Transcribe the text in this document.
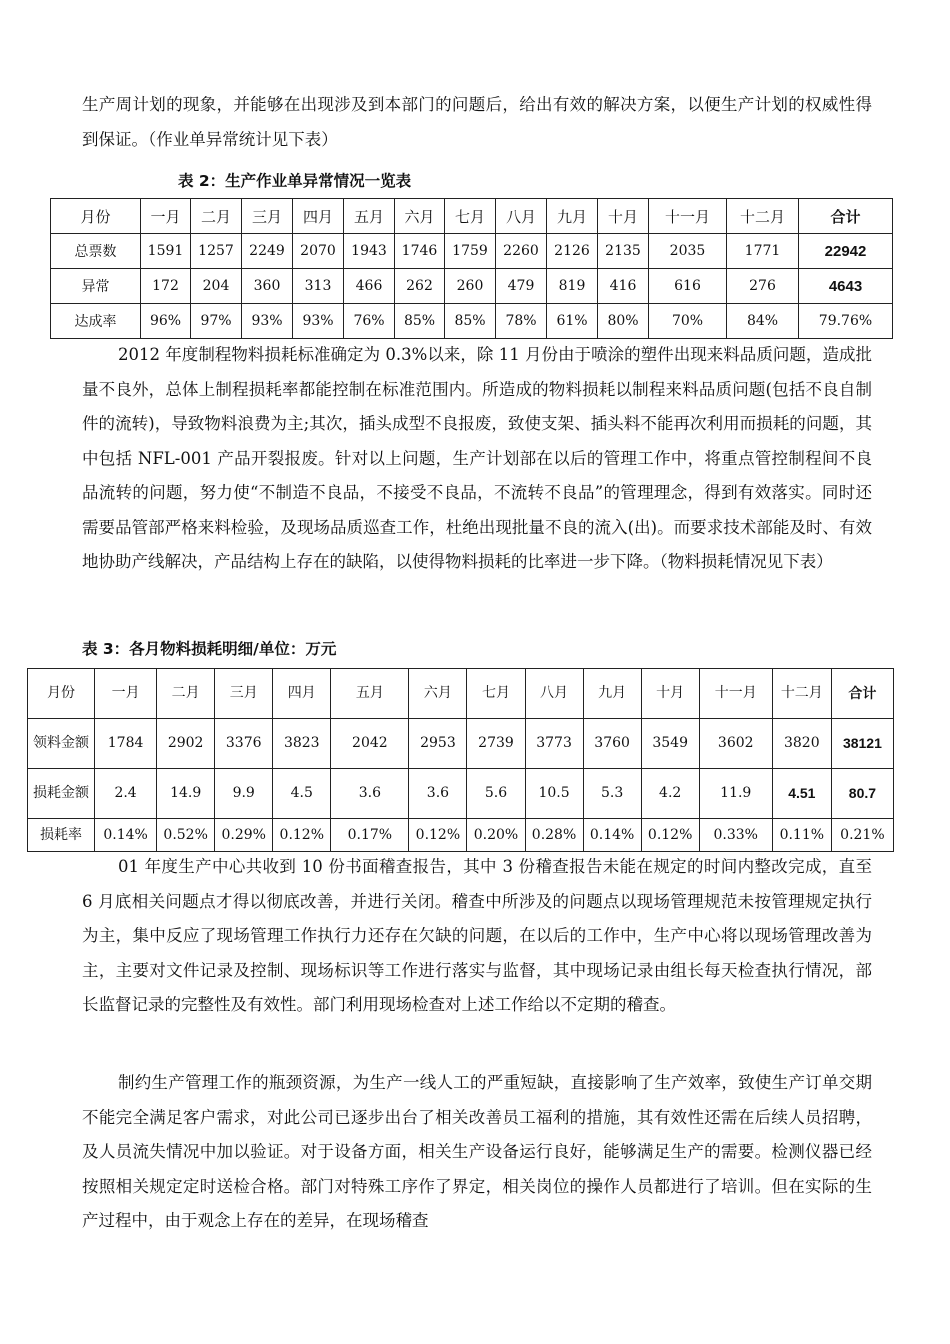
生产周计划的现象，并能够在出现涉及到本部门的问题后，给出有效的解决方案，以便生产计划的权威性得到保证。（作业单异常统计见下表）

表 2：生产作业单异常情况一览表
月份	一月	二月	三月	四月	五月	六月	七月	八月	九月	十月	十一月	十二月	合计
总票数	1591	1257	2249	2070	1943	1746	1759	2260	2126	2135	2035	1771	22942
异常	172	204	360	313	466	262	260	479	819	416	616	276	4643
达成率	96%	97%	93%	93%	76%	85%	85%	78%	61%	80%	70%	84%	79.76%

2012 年度制程物料损耗标准确定为 0.3%以来，除 11 月份由于喷涂的塑件出现来料品质问题，造成批量不良外，总体上制程损耗率都能控制在标准范围内。所造成的物料损耗以制程来料品质问题(包括不良自制件的流转)，导致物料浪费为主;其次，插头成型不良报废，致使支架、插头料不能再次利用而损耗的问题，其中包括 NFL-001 产品开裂报废。针对以上问题，生产计划部在以后的管理工作中，将重点管控制程间不良品流转的问题，努力使“不制造不良品，不接受不良品，不流转不良品”的管理理念，得到有效落实。同时还需要品管部严格来料检验，及现场品质巡查工作，杜绝出现批量不良的流入(出)。而要求技术部能及时、有效地协助产线解决，产品结构上存在的缺陷，以使得物料损耗的比率进一步下降。（物料损耗情况见下表）

表 3：各月物料损耗明细/单位：万元
月份	一月	二月	三月	四月	五月	六月	七月	八月	九月	十月	十一月	十二月	合计
领料金额	1784	2902	3376	3823	2042	2953	2739	3773	3760	3549	3602	3820	38121
损耗金额	2.4	14.9	9.9	4.5	3.6	3.6	5.6	10.5	5.3	4.2	11.9	4.51	80.7
损耗率	0.14%	0.52%	0.29%	0.12%	0.17%	0.12%	0.20%	0.28%	0.14%	0.12%	0.33%	0.11%	0.21%

01 年度生产中心共收到 10 份书面稽查报告，其中 3 份稽查报告未能在规定的时间内整改完成，直至 6 月底相关问题点才得以彻底改善，并进行关闭。稽查中所涉及的问题点以现场管理规范未按管理规定执行为主，集中反应了现场管理工作执行力还存在欠缺的问题，在以后的工作中，生产中心将以现场管理改善为主，主要对文件记录及控制、现场标识等工作进行落实与监督，其中现场记录由组长每天检查执行情况，部长监督记录的完整性及有效性。部门利用现场检查对上述工作给以不定期的稽查。

制约生产管理工作的瓶颈资源，为生产一线人工的严重短缺，直接影响了生产效率，致使生产订单交期不能完全满足客户需求，对此公司已逐步出台了相关改善员工福利的措施，其有效性还需在后续人员招聘，及人员流失情况中加以验证。对于设备方面，相关生产设备运行良好，能够满足生产的需要。检测仪器已经按照相关规定定时送检合格。部门对特殊工序作了界定，相关岗位的操作人员都进行了培训。但在实际的生产过程中，由于观念上存在的差异，在现场稽查
